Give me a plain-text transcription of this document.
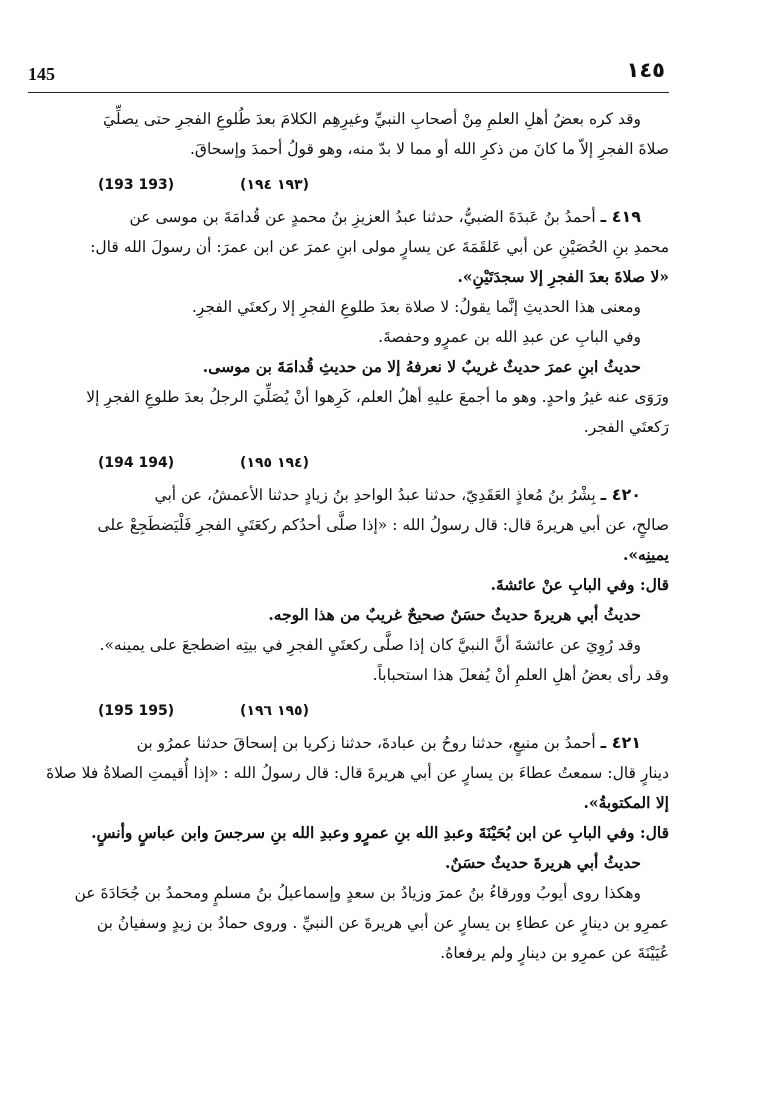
145	١٤٥

وقد كره بعضُ أهلِ العلمِ مِنْ أصحابِ النبيِّ وغيرِهِم الكلامَ بعدَ طُلوعِ الفجرِ حتى يصلِّيَ

صلاةَ الفجرِ إلاّ ما كانَ من ذكرِ الله أو مما لا بدّ منه، وهو قولُ أحمدَ وإسحاقَ.

(١٩٣ ١٩٤)
(193 193)

٤١٩ ـ أحمدُ بنُ عَبدَةَ الضبيُّ، حدثنا عبدُ العزيزِ بنُ محمدٍ عن قُدامَةَ بن موسى عن

محمدِ بنِ الحُصَيْنِ عن أبي عَلقَمَةَ عن يسارٍ مولى ابنِ عمرَ عن ابن عمرَ: أن رسولَ الله قال:

«لا صلاةَ بعدَ الفجرِ إلا سجدَتَيْنِ».

ومعنى هذا الحديثِ إنَّما يقولُ: لا صلاة بعدَ طلوعِ الفجرِ إلا ركعتَي الفجرِ.

وفي البابِ عن عبدِ الله بن عمرٍو وحفصةَ.

حديثُ ابنِ عمرَ حديثٌ غريبٌ لا نعرفهُ إلا من حديثِ قُدامَةَ بن موسى.

ورَوَى عنه غيرُ واحدٍ. وهو ما أجمعَ عليهِ أهلُ العلم، كَرِهوا أنْ يُصَلِّيَ الرجلُ بعدَ طلوعِ الفجرِ إلا

رَكعتَي الفجر.

(١٩٤ ١٩٥)
(194 194)

٤٢٠ ـ بِشْرُ بنُ مُعاذٍ العَقَدِيّ، حدثنا عبدُ الواحدِ بنُ زيادٍ حدثنا الأعمشُ، عن أبي

صالحٍ، عن أبي هريرةَ قال: قال رسولُ الله : «إذا صلَّى أحدُكم ركعَتَيِ الفجرِ فَلْيَضطَجِعْ على

يمينِه».

قال: وفي البابِ عنْ عائشةَ.

حديثُ أبي هريرةَ حديثٌ حسَنٌ صحيحٌ غريبٌ من هذا الوجه.

وقد رُوِيَ عن عائشةَ أنَّ النبيَّ كان إذا صلَّى ركعتَيِ الفجرِ في بيتِه اضطجعَ على يمينه».

وقد رأى بعضُ أهلِ العلمِ أنْ يُفعلَ هذا استحباباً.

(١٩٥ ١٩٦)
(195 195)

٤٢١ ـ أحمدُ بن منيعٍ، حدثنا روحُ بن عبادةَ، حدثنا زكريا بن إسحاقَ حدثنا عمرُو بن

دينارٍ قال: سمعتُ عطاءَ بن يسارٍ عن أبي هريرةَ قال: قال رسولُ الله : «إذا أُقيمتِ الصلاةُ فلا صلاةَ

إلا المكتوبةُ».

قال: وفي البابِ عن ابن بُحَيْنَةَ وعبدِ الله بنِ عمرٍو وعبدِ الله بنِ سرجسَ وابن عباسٍ وأنسٍ.

حديثُ أبي هريرةَ حديثٌ حسَنٌ.

وهكذا روى أيوبُ وورقاءُ بنُ عمرَ وزيادُ بن سعدٍ وإسماعيلُ بنُ مسلمٍ ومحمدُ بن جُحَادَةَ عن

عمرِو بن دينارٍ عن عطاءِ بن يسارٍ عن أبي هريرةَ عن النبيِّ . وروى حمادُ بن زيدٍ وسفيانُ بن

عُيَيْنَةَ عن عمرِو بن دينارٍ ولم يرفعاهُ.
